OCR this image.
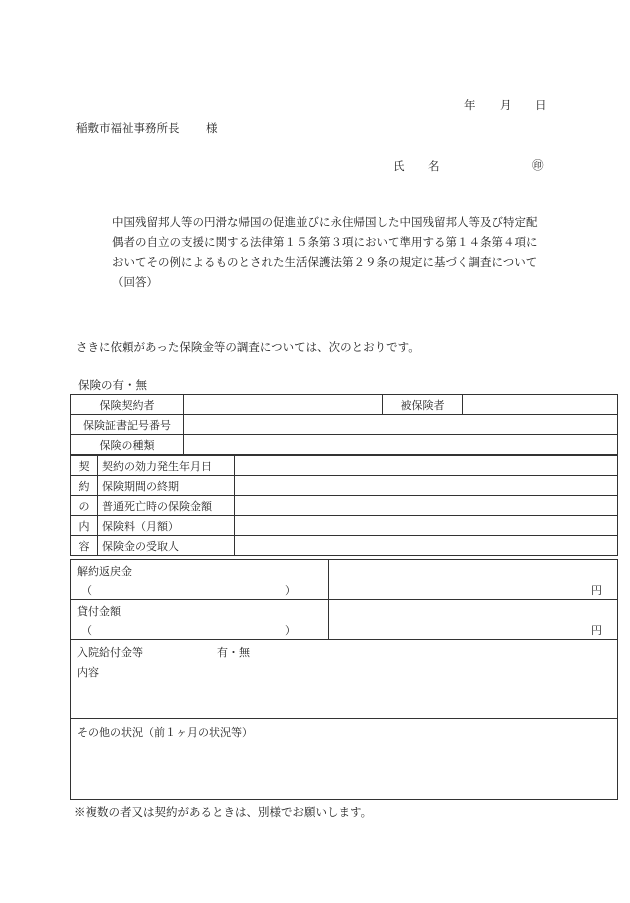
年 月 日
稲敷市福祉事務所長 様
氏 名	㊞
中国残留邦人等の円滑な帰国の促進並びに永住帰国した中国残留邦人等及び特定配
偶者の自立の支援に関する法律第１５条第３項において準用する第１４条第４項に
おいてその例によるものとされた生活保護法第２９条の規定に基づく調査について
（回答）
さきに依頼があった保険金等の調査については、次のとおりです。
保険の有・無
保険契約者		被保険者	
保険証書記号番号			
保険の種類			
契	契約の効力発生年月日	
約	保険期間の終期	
の	普通死亡時の保険金額	
内	保険料（月額）	
容	保険金の受取人	
解約返戻金
（	）	円
貸付金額
（	）	円
入院給付金等	有・無
内容
その他の状況（前１ヶ月の状況等）
※複数の者又は契約があるときは、別様でお願いします。
